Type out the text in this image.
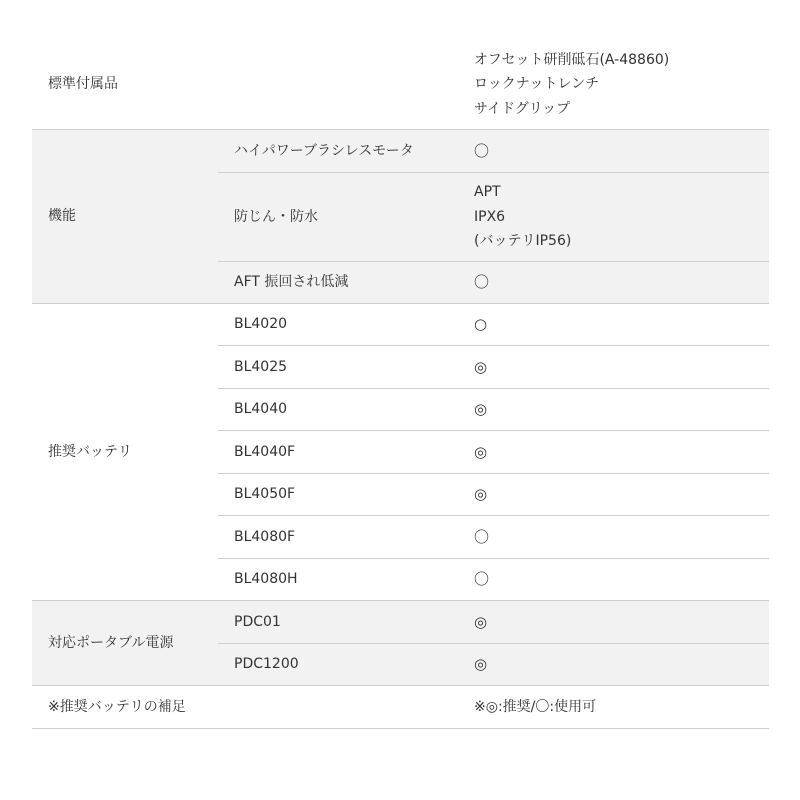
標準付属品		オフセット研削砥石(A-48860)
ロックナットレンチ
サイドグリップ

機能	ハイパワーブラシレスモータ	〇
	防じん・防水	APT
IPX6
(バッテリIP56)

	AFT 振回され低減	〇
推奨バッテリ	BL4020	○
	BL4025	◎
	BL4040	◎
	BL4040F	◎
	BL4050F	◎
	BL4080F	〇
	BL4080H	〇
対応ポータブル電源	PDC01	◎
	PDC1200	◎
※推奨バッテリの補足		※◎:推奨/〇:使用可
